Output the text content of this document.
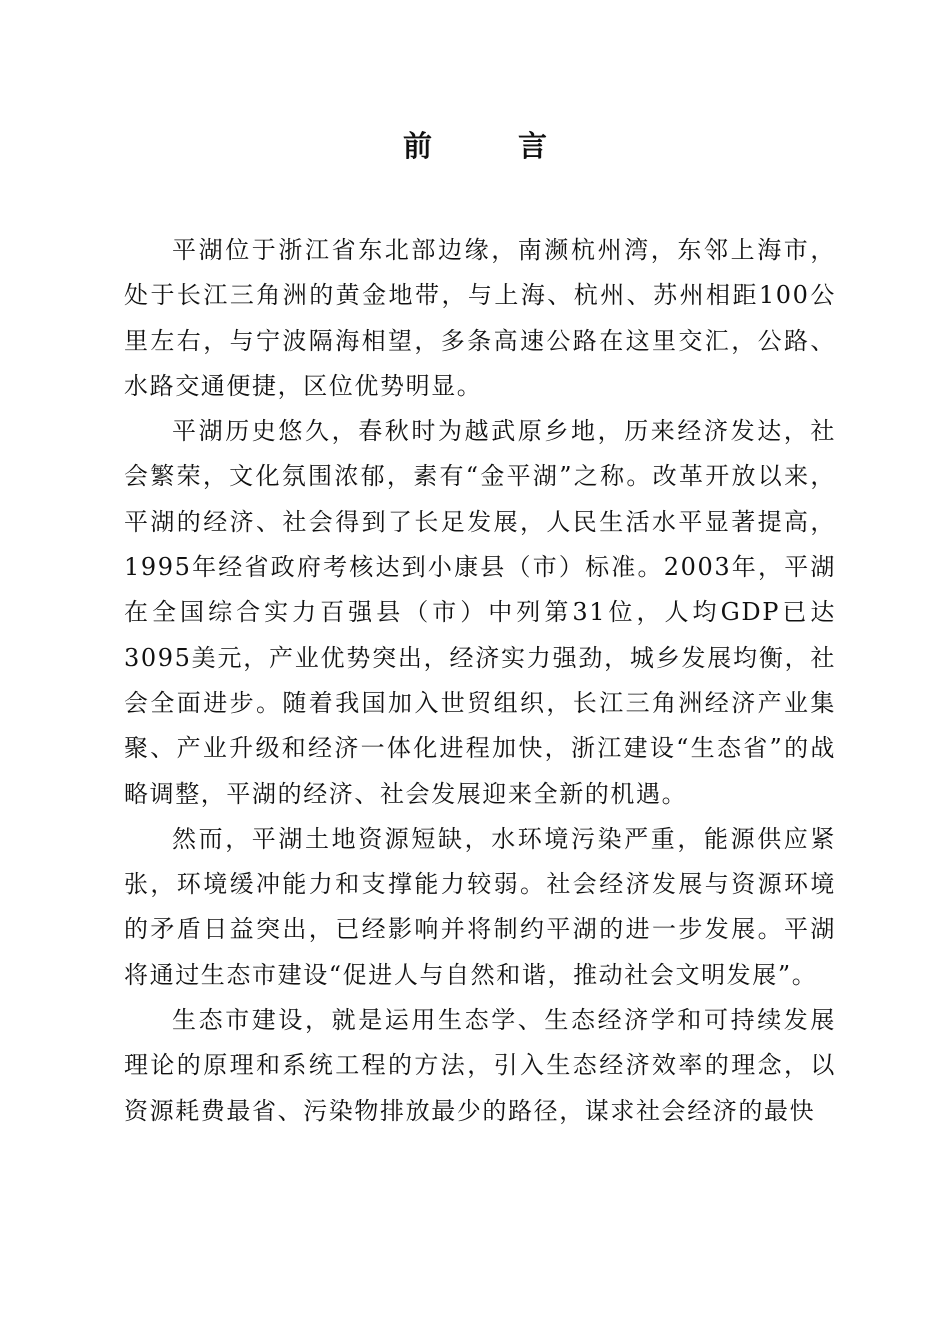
前	言

平湖位于浙江省东北部边缘，南濒杭州湾，东邻上海市，处于长江三角洲的黄金地带，与上海、杭州、苏州相距100公里左右，与宁波隔海相望，多条高速公路在这里交汇，公路、水路交通便捷，区位优势明显。

平湖历史悠久，春秋时为越武原乡地，历来经济发达，社会繁荣，文化氛围浓郁，素有“金平湖”之称。改革开放以来，平湖的经济、社会得到了长足发展，人民生活水平显著提高，1995年经省政府考核达到小康县（市）标准。2003年，平湖在全国综合实力百强县（市）中列第31位，人均GDP已达3095美元，产业优势突出，经济实力强劲，城乡发展均衡，社会全面进步。随着我国加入世贸组织，长江三角洲经济产业集聚、产业升级和经济一体化进程加快，浙江建设“生态省”的战略调整，平湖的经济、社会发展迎来全新的机遇。

然而，平湖土地资源短缺，水环境污染严重，能源供应紧张，环境缓冲能力和支撑能力较弱。社会经济发展与资源环境的矛盾日益突出，已经影响并将制约平湖的进一步发展。平湖将通过生态市建设“促进人与自然和谐，推动社会文明发展”。

生态市建设，就是运用生态学、生态经济学和可持续发展理论的原理和系统工程的方法，引入生态经济效率的理念，以资源耗费最省、污染物排放最少的路径，谋求社会经济的最快
